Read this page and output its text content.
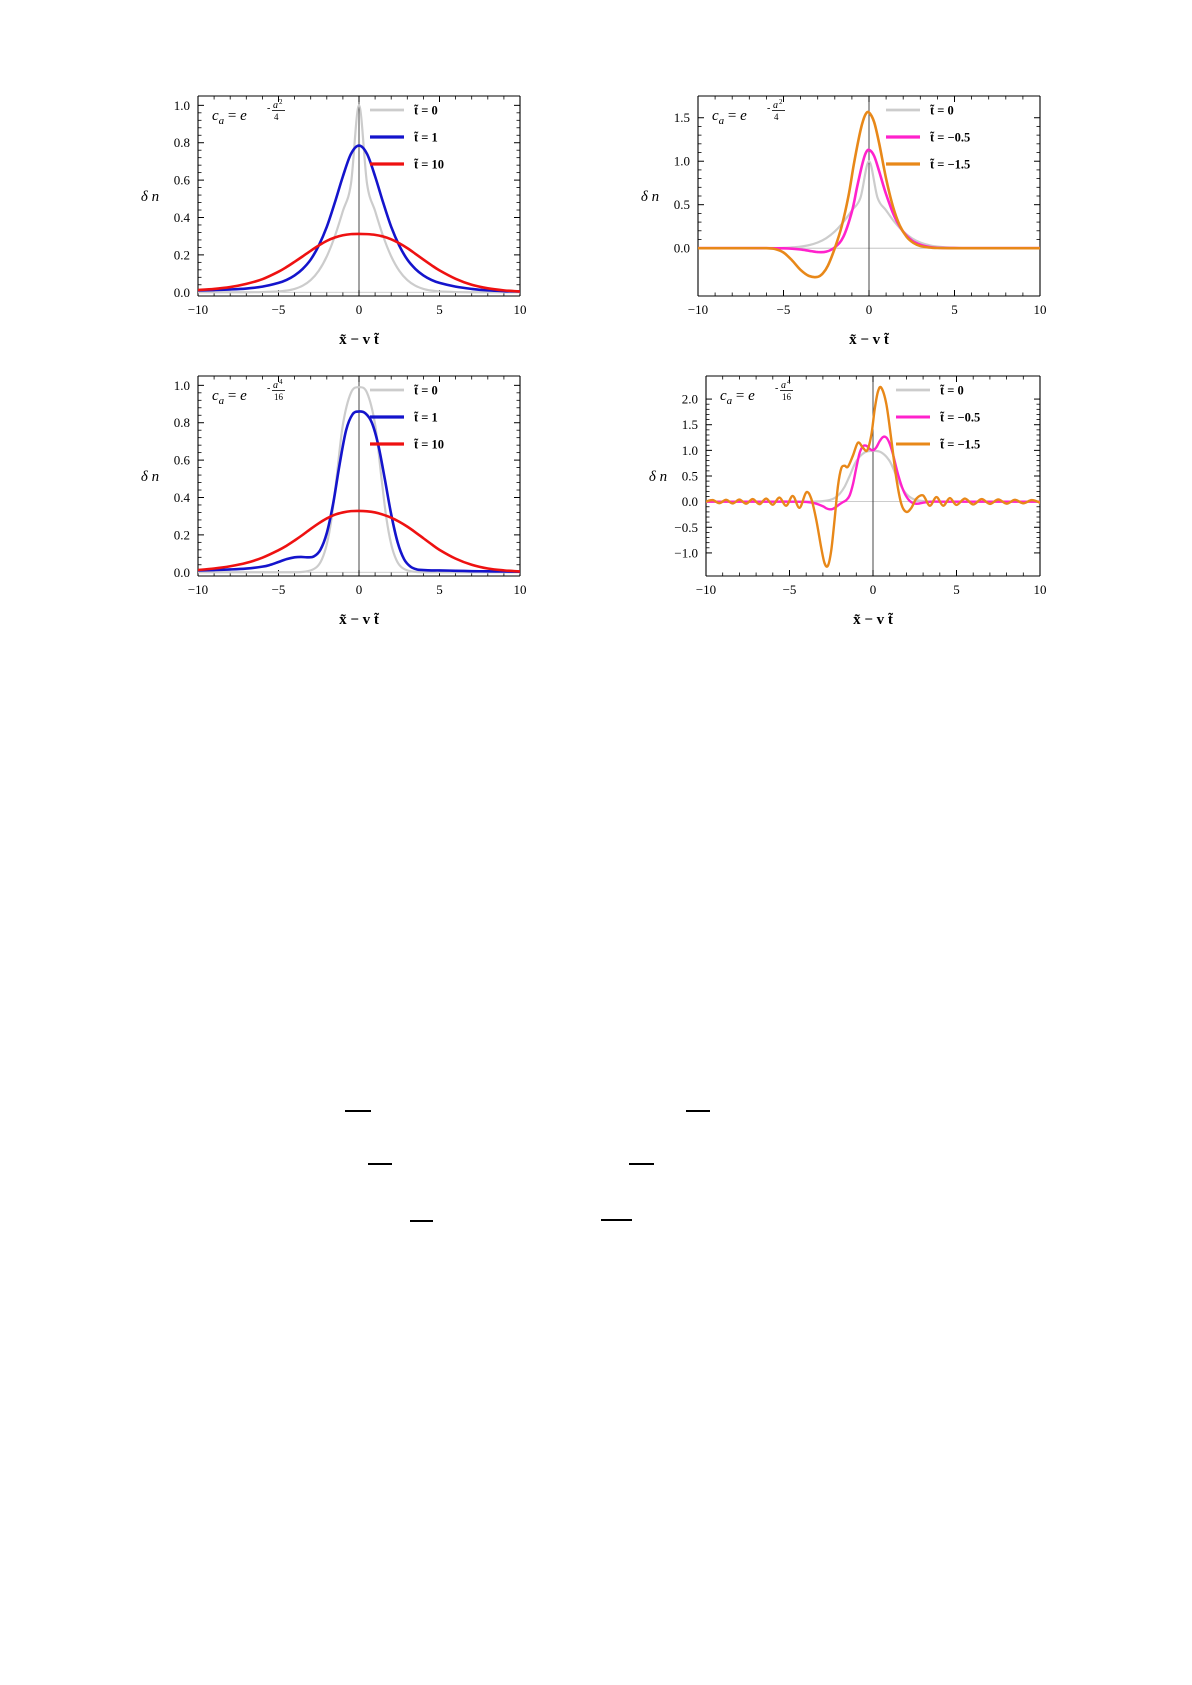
−10	−5	0	5	10
0.0
0.2
0.4
0.6
0.8
1.0	t̃ = 0
t̃ = 1
t̃ = 10
$c_a = e - a$ 2
4
δ n
x̃ − v t̃
−10	−5	0	5	10
0.0
0.5
1.0
1.5	t̃ = 0
t̃ = −0.5
t̃ = −1.5
$c_a = e - a$ 2
4
δ n
x̃ − v t̃
−10	−5	0	5	10
0.0
0.2
0.4
0.6
0.8
1.0	t̃ = 0
t̃ = 1
t̃ = 10
$c_a = e - a$ 4
16
δ n
x̃ − v t̃
−10	−5	0	5	10
−1.0
−0.5
0.0
0.5
1.0
1.5
2.0
t̃ = 0
t̃ = −0.5
t̃ = −1.5
$c_a = e - a$ 4
16
δ n
x̃ − v t̃
